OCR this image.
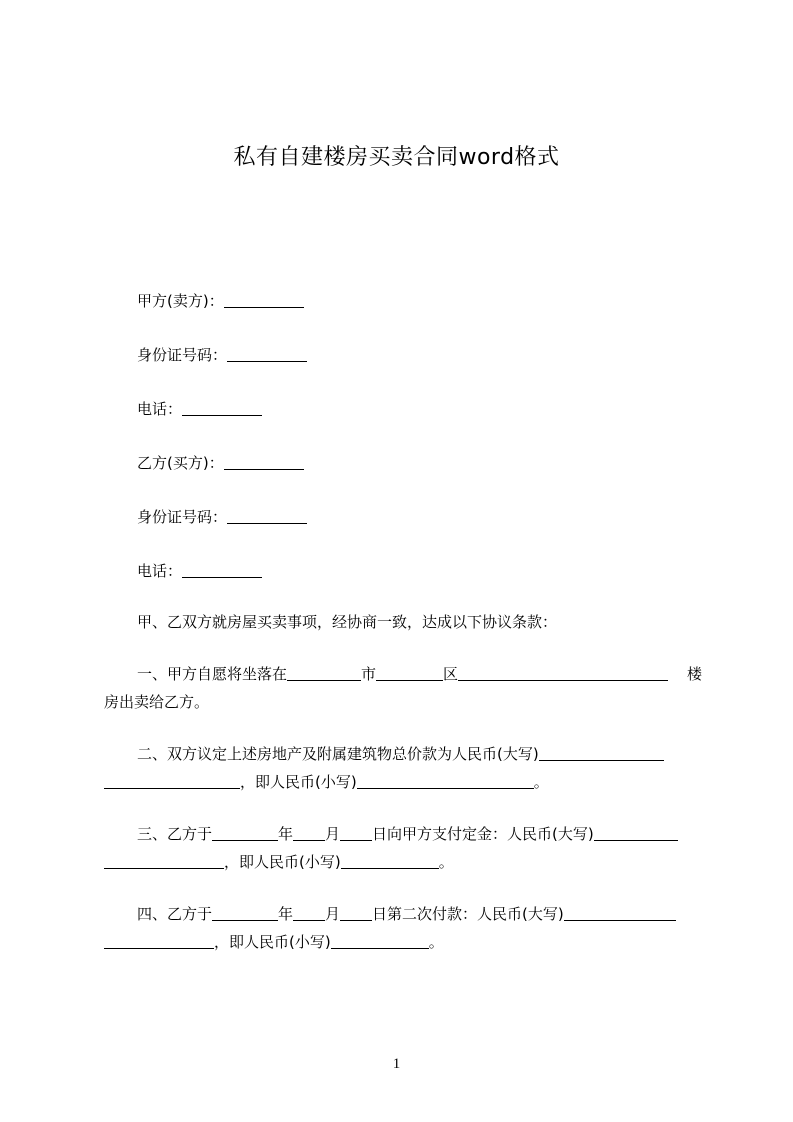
私有自建楼房买卖合同word格式
甲方(卖方)：
身份证号码：
电话：
乙方(买方)：
身份证号码：
电话：
甲、乙双方就房屋买卖事项，经协商一致，达成以下协议条款：
一、甲方自愿将坐落在	市	区	楼
房出卖给乙方。
二、双方议定上述房地产及附属建筑物总价款为人民币(大写)
，即人民币(小写)	。
三、乙方于	年 月 日向甲方支付定金：人民币(大写)
，即人民币(小写)	。
四、乙方于	年 月 日第二次付款：人民币(大写)
，即人民币(小写)	。
1
